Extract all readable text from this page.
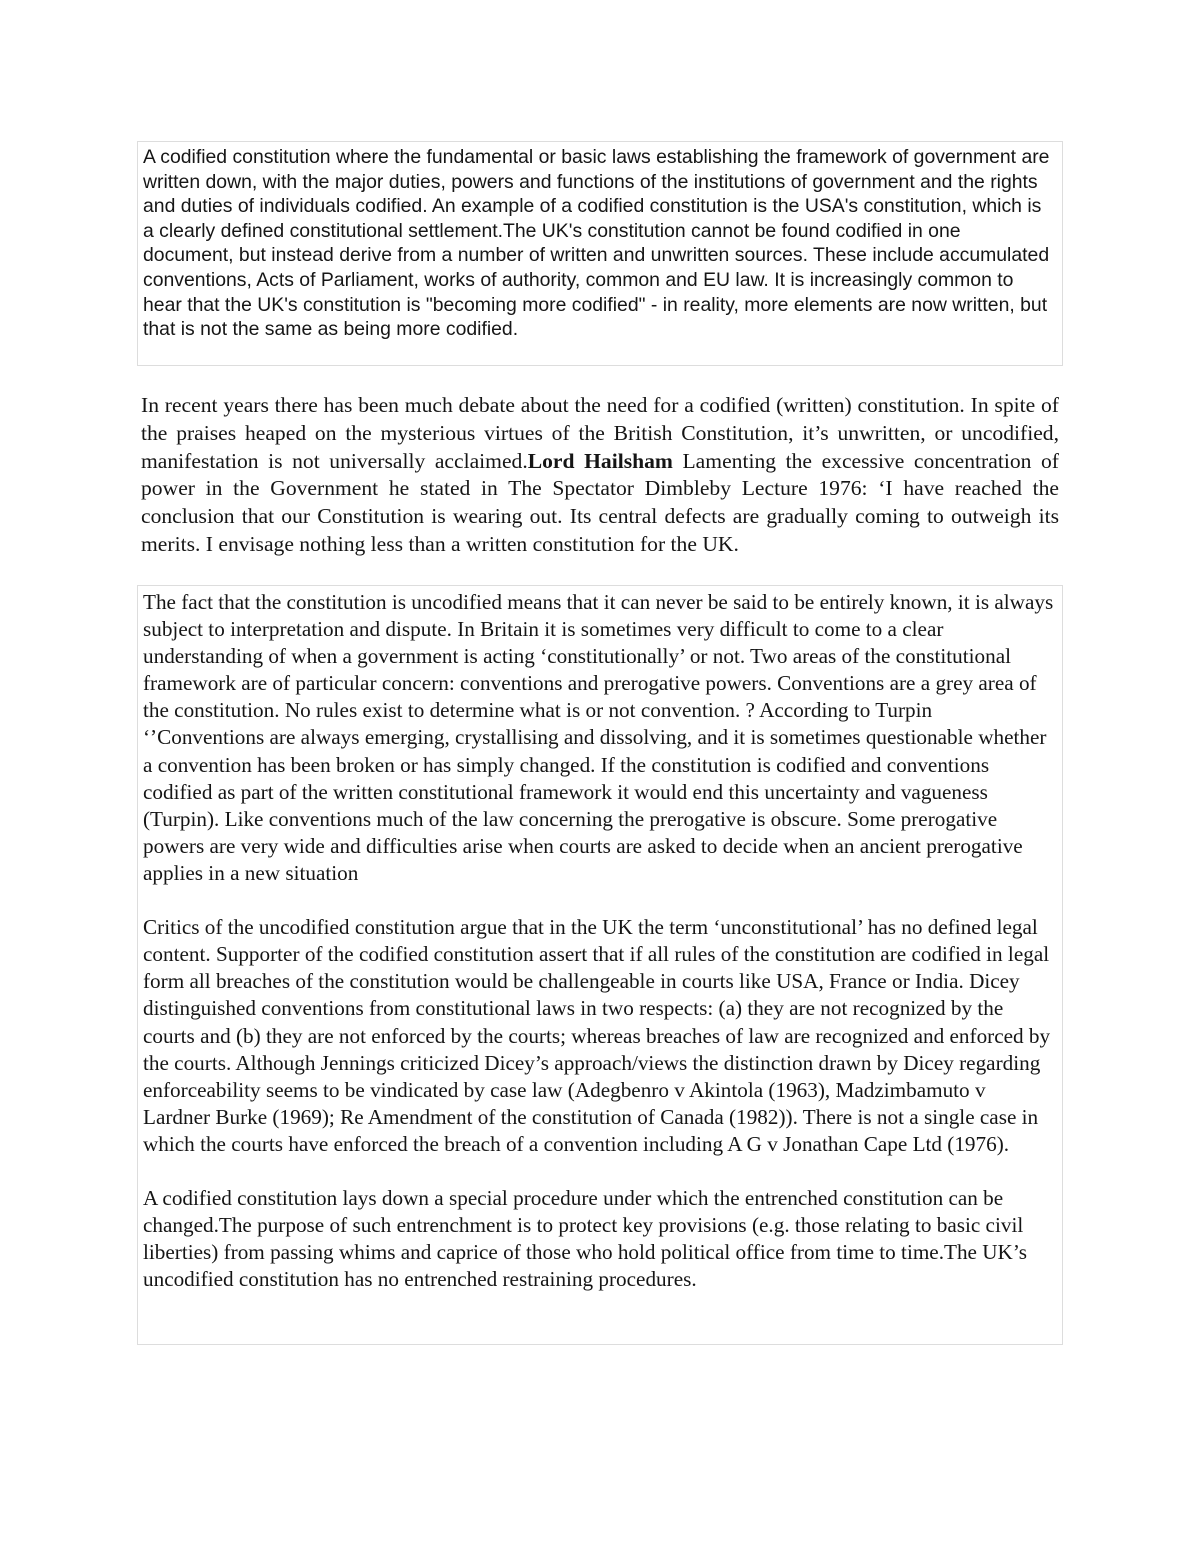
A codified constitution where the fundamental or basic laws establishing the framework of government are written down, with the major duties, powers and functions of the institutions of government and the rights and duties of individuals codified. An example of a codified constitution is the USA's constitution, which is a clearly defined constitutional settlement.The UK's constitution cannot be found codified in one document, but instead derive from a number of written and unwritten sources. These include accumulated conventions, Acts of Parliament, works of authority, common and EU law. It is increasingly common to hear that the UK's constitution is "becoming more codified" - in reality, more elements are now written, but that is not the same as being more codified.

In recent years there has been much debate about the need for a codified (written) constitution. In spite of the praises heaped on the mysterious virtues of the British Constitution, it’s unwritten, or uncodified, manifestation is not universally acclaimed.Lord Hailsham Lamenting the excessive concentration of power in the Government he stated in The Spectator Dimbleby Lecture 1976: ‘I have reached the conclusion that our Constitution is wearing out. Its central defects are gradually coming to outweigh its merits. I envisage nothing less than a written constitution for the UK.

The fact that the constitution is uncodified means that it can never be said to be entirely known, it is always subject to interpretation and dispute. In Britain it is sometimes very difficult to come to a clear understanding of when a government is acting ‘constitutionally’ or not. Two areas of the constitutional framework are of particular concern: conventions and prerogative powers. Conventions are a grey area of the constitution. No rules exist to determine what is or not convention. ? According to Turpin ‘’Conventions are always emerging, crystallising and dissolving, and it is sometimes questionable whether a convention has been broken or has simply changed. If the constitution is codified and conventions codified as part of the written constitutional framework it would end this uncertainty and vagueness (Turpin). Like conventions much of the law concerning the prerogative is obscure. Some prerogative powers are very wide and difficulties arise when courts are asked to decide when an ancient prerogative applies in a new situation

Critics of the uncodified constitution argue that in the UK the term ‘unconstitutional’ has no defined legal content. Supporter of the codified constitution assert that if all rules of the constitution are codified in legal form all breaches of the constitution would be challengeable in courts like USA, France or India. Dicey distinguished conventions from constitutional laws in two respects: (a) they are not recognized by the courts and (b) they are not enforced by the courts; whereas breaches of law are recognized and enforced by the courts. Although Jennings criticized Dicey’s approach/views the distinction drawn by Dicey regarding enforceability seems to be vindicated by case law (Adegbenro v Akintola (1963), Madzimbamuto v Lardner Burke (1969); Re Amendment of the constitution of Canada (1982)). There is not a single case in which the courts have enforced the breach of a convention including A G v Jonathan Cape Ltd (1976).

A codified constitution lays down a special procedure under which the entrenched constitution can be changed.The purpose of such entrenchment is to protect key provisions (e.g. those relating to basic civil liberties) from passing whims and caprice of those who hold political office from time to time.The UK’s uncodified constitution has no entrenched restraining procedures.
